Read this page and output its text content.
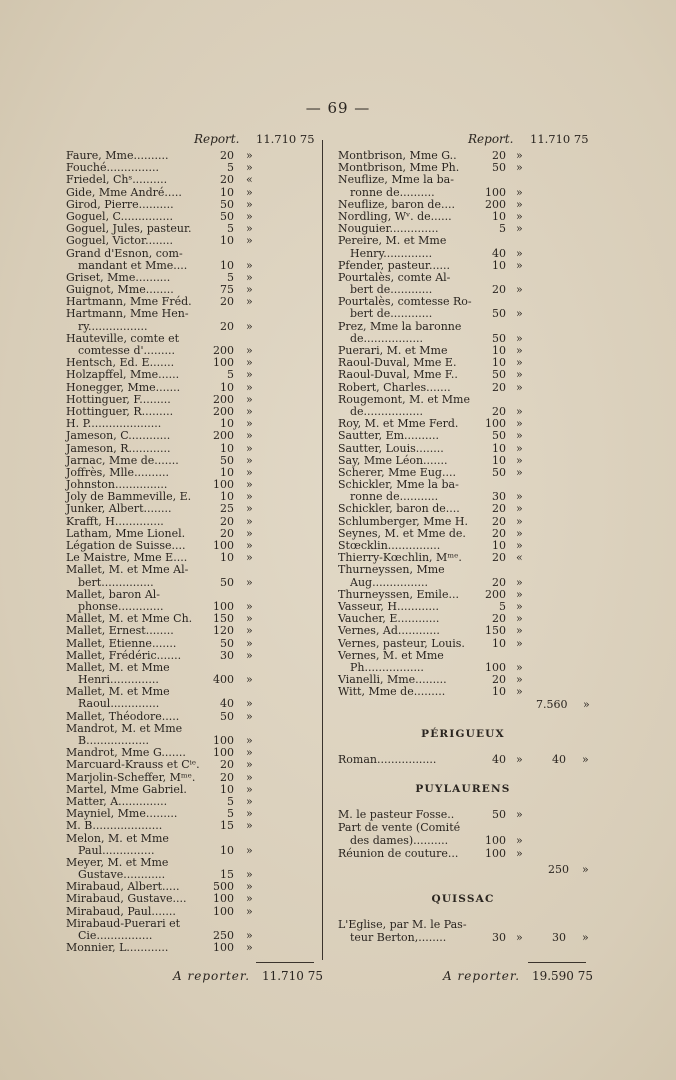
— 69 —
Report. 11.710 75
Faure, Mme..........	20 »
Fouché...............	5 »
Friedel, Chˢ..........	20 «
Gide, Mme André.....	10 »
Girod, Pierre..........	50 »
Goguel, C...............	50 »
Goguel, Jules, pasteur.	5 »
Goguel, Victor........	10 »
Grand d'Esnon, com-
mandant et Mme....	10 »
Griset, Mme..........	5 »
Guignot, Mme........	75 »
Hartmann, Mme Fréd.	20 »
Hartmann, Mme Hen-
ry.................	20 »
Hauteville, comte et
comtesse d'.........	200 »
Hentsch, Ed. E.......	100 »
Holzapffel, Mme......	5 »
Honegger, Mme.......	10 »
Hottinguer, F.........	200 »
Hottinguer, R.........	200 »
H. P.....................	10 »
Jameson, C............	200 »
Jameson, R............	10 »
Jarnac, Mme de.......	50 »
Joffrès, Mlle..........	10 »
Johnston...............	100 »
Joly de Bammeville, E.	10 »
Junker, Albert........	25 »
Krafft, H..............	20 »
Latham, Mme Lionel.	20 »
Légation de Suisse....	100 »
Le Maistre, Mme E....	10 »
Mallet, M. et Mme Al-
bert...............	50 »
Mallet, baron Al-
phonse.............	100 »
Mallet, M. et Mme Ch.	150 »
Mallet, Ernest........	120 »
Mallet, Etienne.......	50 »
Mallet, Frédéric.......	30 »
Mallet, M. et Mme
Henri..............	400 »
Mallet, M. et Mme
Raoul..............	40 »
Mallet, Théodore.....	50 »
Mandrot, M. et Mme
B..................	100 »
Mandrot, Mme G.......	100 »
Marcuard-Krauss et Cⁱᵉ.	20 »
Marjolin-Scheffer, Mᵐᵉ.	20 »
Martel, Mme Gabriel.	10 »
Matter, A..............	5 »
Mayniel, Mme.........	5 »
M. B....................	15 »
Melon, M. et Mme
Paul...............	10 »
Meyer, M. et Mme
Gustave............	15 »
Mirabaud, Albert.....	500 »
Mirabaud, Gustave....	100 »
Mirabaud, Paul.......	100 »
Mirabaud-Puerari et
Cie................	250 »
Monnier, L............	100 »
Report. 11.710 75
Montbrison, Mme G..	20 »
Montbrison, Mme Ph.	50 »
Neuflize, Mme la ba-
ronne de..........	100 »
Neuflize, baron de....	200 »
Nordling, Wᵛ. de......	10 »
Nouguier..............	5 »
Pereire, M. et Mme
Henry..............	40 »
Pfender, pasteur......	10 »
Pourtalès, comte Al-
bert de............	20 »
Pourtalès, comtesse Ro-
bert de............	50 »
Prez, Mme la baronne
de.................	50 »
Puerari, M. et Mme	10 »
Raoul-Duval, Mme E.	10 »
Raoul-Duval, Mme F..	50 »
Robert, Charles.......	20 »
Rougemont, M. et Mme
de.................	20 »
Roy, M. et Mme Ferd.	100 »
Sautter, Em..........	50 »
Sautter, Louis........	10 »
Say, Mme Léon.......	10 »
Scherer, Mme Eug....	50 »
Schickler, Mme la ba-
ronne de...........	30 »
Schickler, baron de....	20 »
Schlumberger, Mme H.	20 »
Seynes, M. et Mme de.	20 »
Stœcklin...............	10 »
Thierry-Kœchlin, Mᵐᵉ.	20 «
Thurneyssen, Mme
Aug................	20 »
Thurneyssen, Emile...	200 »
Vasseur, H............	5 »
Vaucher, E............	20 »
Vernes, Ad............	150 »
Vernes, pasteur, Louis.	10 »
Vernes, M. et Mme
Ph.................	100 »
Vianelli, Mme.........	20 »
Witt, Mme de.........	10 »
7.560 »
PÉRIGUEUX
Roman.................	40 »	40 »
PUYLAURENS
M. le pasteur Fosse..	50 »
Part de vente (Comité
des dames)..........	100 »
Réunion de couture...	100 »
250 »
QUISSAC
L'Eglise, par M. le Pas-
teur Berton,........	30 »	30 »
A reporter. 11.710 75	A reporter. 19.590 75
